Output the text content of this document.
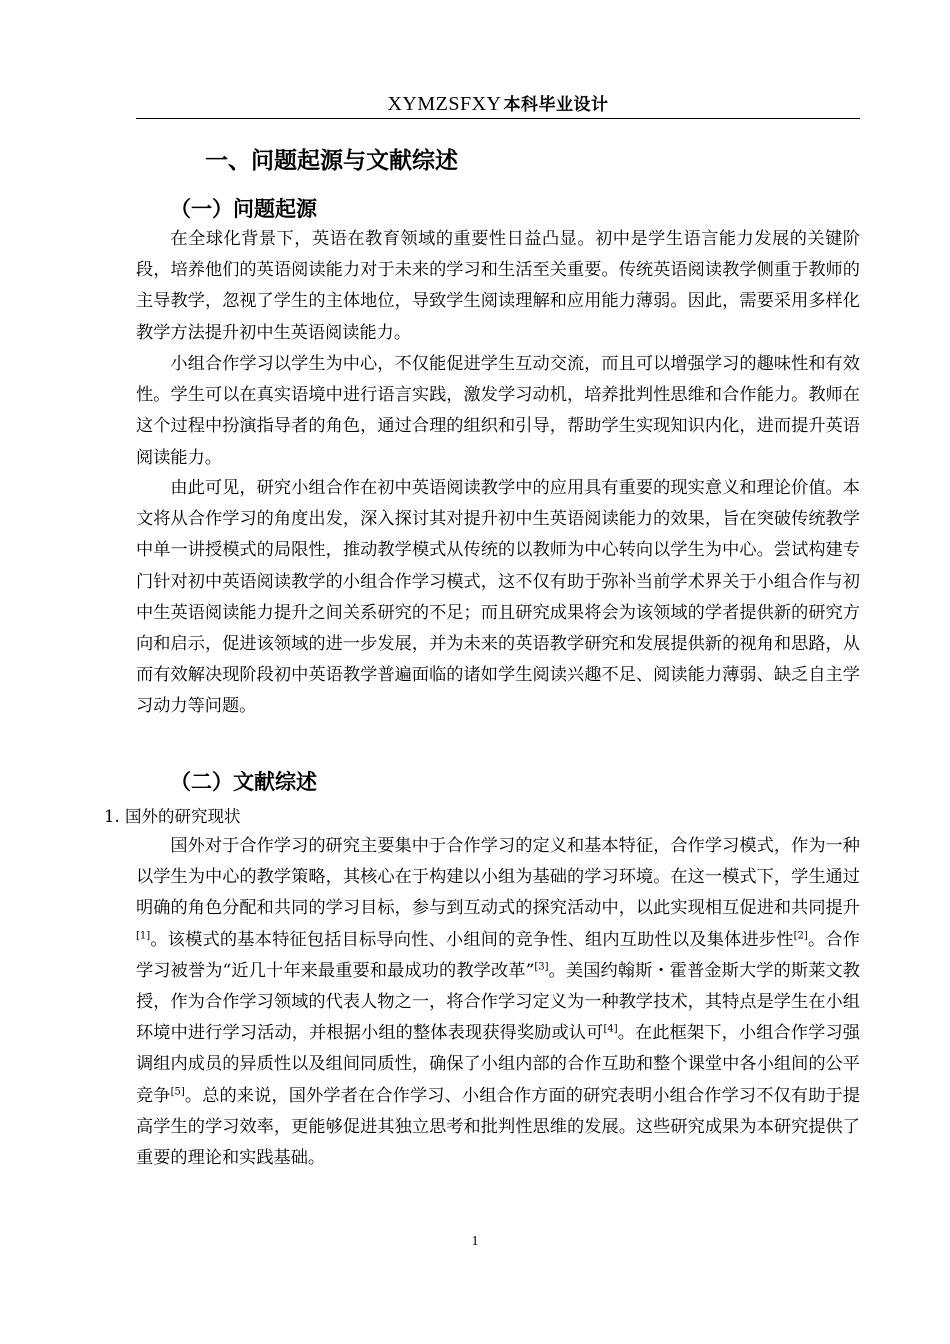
XYMZSFXY 本科毕业设计
一、问题起源与文献综述
（一）问题起源

在全球化背景下，英语在教育领域的重要性日益凸显。初中是学生语言能力发展的关键阶段，培养他们的英语阅读能力对于未来的学习和生活至关重要。传统英语阅读教学侧重于教师的主导教学，忽视了学生的主体地位，导致学生阅读理解和应用能力薄弱。因此，需要采用多样化教学方法提升初中生英语阅读能力。

小组合作学习以学生为中心，不仅能促进学生互动交流，而且可以增强学习的趣味性和有效性。学生可以在真实语境中进行语言实践，激发学习动机，培养批判性思维和合作能力。教师在这个过程中扮演指导者的角色，通过合理的组织和引导，帮助学生实现知识内化，进而提升英语阅读能力。

由此可见，研究小组合作在初中英语阅读教学中的应用具有重要的现实意义和理论价值。本文将从合作学习的角度出发，深入探讨其对提升初中生英语阅读能力的效果，旨在突破传统教学中单一讲授模式的局限性，推动教学模式从传统的以教师为中心转向以学生为中心。尝试构建专门针对初中英语阅读教学的小组合作学习模式，这不仅有助于弥补当前学术界关于小组合作与初中生英语阅读能力提升之间关系研究的不足；而且研究成果将会为该领域的学者提供新的研究方向和启示，促进该领域的进一步发展，并为未来的英语教学研究和发展提供新的视角和思路，从而有效解决现阶段初中英语教学普遍面临的诸如学生阅读兴趣不足、阅读能力薄弱、缺乏自主学习动力等问题。

（二）文献综述
1. 国外的研究现状

国外对于合作学习的研究主要集中于合作学习的定义和基本特征，合作学习模式，作为一种以学生为中心的教学策略，其核心在于构建以小组为基础的学习环境。在这一模式下，学生通过明确的角色分配和共同的学习目标，参与到互动式的探究活动中，以此实现相互促进和共同提升[1]。该模式的基本特征包括目标导向性、小组间的竞争性、组内互助性以及集体进步性[2]。合作学习被誉为“近几十年来最重要和最成功的教学改革”[3]。美国约翰斯・霍普金斯大学的斯莱文教授，作为合作学习领域的代表人物之一，将合作学习定义为一种教学技术，其特点是学生在小组环境中进行学习活动，并根据小组的整体表现获得奖励或认可[4]。在此框架下，小组合作学习强调组内成员的异质性以及组间同质性，确保了小组内部的合作互助和整个课堂中各小组间的公平竞争[5]。总的来说，国外学者在合作学习、小组合作方面的研究表明小组合作学习不仅有助于提高学生的学习效率，更能够促进其独立思考和批判性思维的发展。这些研究成果为本研究提供了重要的理论和实践基础。

1
